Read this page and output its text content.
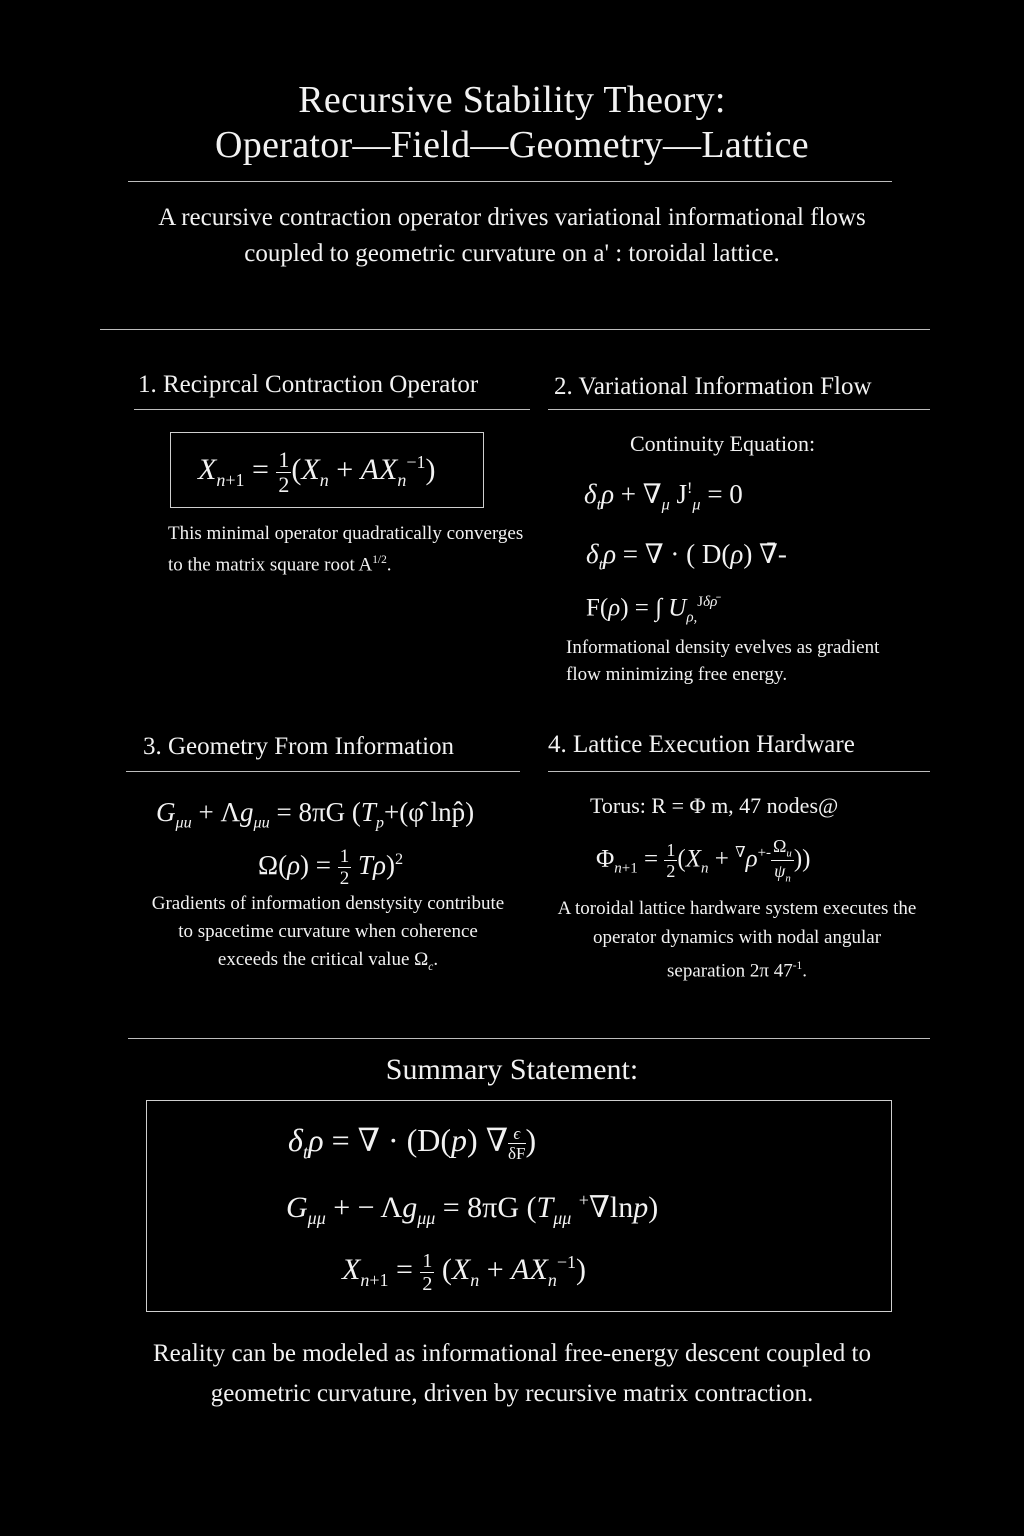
Recursive Stability Theory:
Operator—Field—Geometry—Lattice
A recursive contraction operator drives variational informational flows coupled to geometric curvature on a' : toroidal lattice.
1. Reciprcal Contraction Operator
$X_{n+1} = \frac{1}{2} (X_n + AX_n^{-1})$
This minimal operator quadratically converges to the matrix square root $A^{1/2}$.
2. Variational Information Flow
Continuity Equation:
$\delta_t\rho + \nabla_\mu$ $J^!_\mu = 0$
$\delta_t\rho$ = ∇ · ( D(ρ) ∇̄-
F(ρ) = ∫ $U_{\rho,}^{J\delta\rhō}$
Informational density evelves as gradient flow minimizing free energy.
3. Geometry From Information
$G_{\mu u} + \Lambda g_{\mu u} = 8\pi G$ ($T_p+(\varphî$ lnp̂)
$\Omega(\rho) = \frac{1}{2} T\rho)^2$
Gradients of information denstysity contribute to spacetime curvature when coherence exceeds the critical value $\Omega_c$.
4. Lattice Execution Hardware
Torus: R = Φ m, 47 nodes@
$\Phi_{n+1} = \frac{1}{2} (X_n + ^\nabla\rho^{+-} \frac{\Omega_u}{\psi_n}$ ))
A toroidal lattice hardware system executes the operator dynamics with nodal angular separation 2π $47^{-1}$.
Summary Statement:
$\delta_t\rho$ = ∇ · (D(p) ∇ $\frac{\epsilon}{\delta F}$ )
$G_{\mu\mu}$ + − $\Lambda g_{\mu\mu} = 8\pi G$ ($T_{\mu\mu}$ +∇lnp)
$X_{n+1} = \frac{1}{2} (X_n + AX_n^{-1})$
Reality can be modeled as informational free-energy descent coupled to geometric curvature, driven by recursive matrix contraction.
